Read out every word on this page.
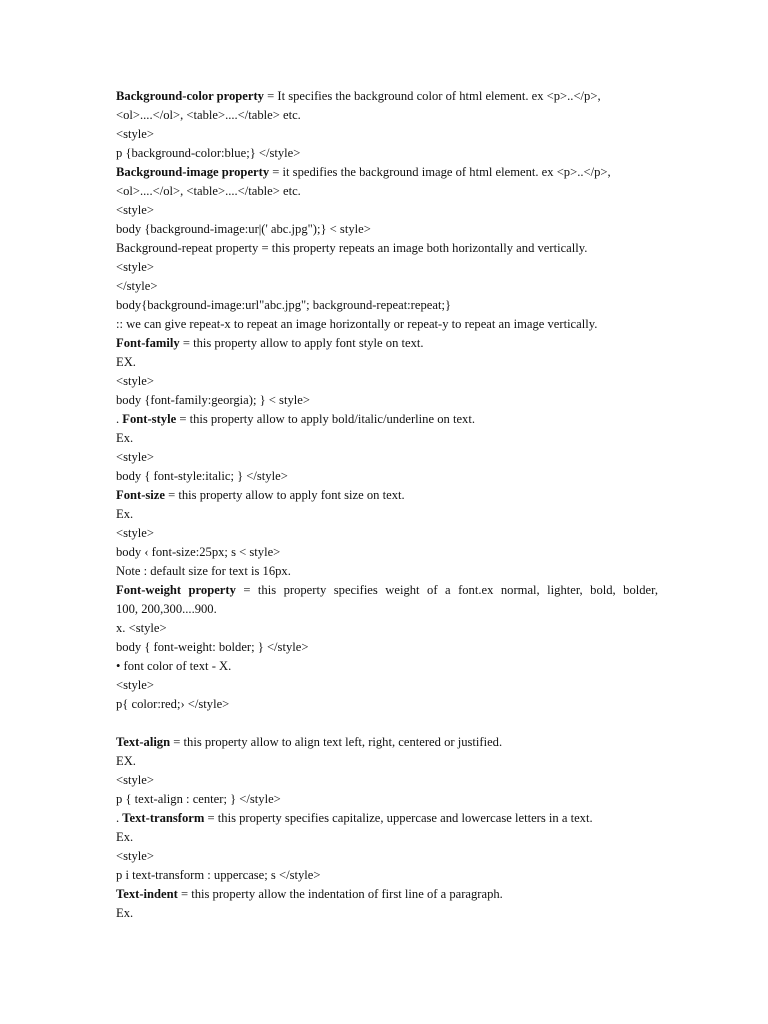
Background-color property = It specifies the background color of html element. ex <p>..</p>,
<ol>....</ol>, <table>....</table> etc.
<style>
p {background-color:blue;} </style>
Background-image property = it spedifies the background image of html element. ex <p>..</p>,
<ol>....</ol>, <table>....</table> etc.
<style>
body {background-image:ur|(' abc.jpg");} < style>
Background-repeat property = this property repeats an image both horizontally and vertically.
<style>
</style>
body{background-image:url"abc.jpg"; background-repeat:repeat;}
:: we can give repeat-x to repeat an image horizontally or repeat-y to repeat an image vertically.
Font-family = this property allow to apply font style on text.
EX.
<style>
body {font-family:georgia); } < style>
. Font-style = this property allow to apply bold/italic/underline on text.
Ex.
<style>
body { font-style:italic; } </style>
Font-size = this property allow to apply font size on text.
Ex.
<style>
body ‹ font-size:25px; s < style>
Note : default size for text is 16px.
Font-weight property = this property specifies weight of a font.ex normal, lighter, bold, bolder,
100, 200,300....900.
x. <style>
body { font-weight: bolder; } </style>
• font color of text - X.
<style>
p{ color:red;› </style>
Text-align = this property allow to align text left, right, centered or justified.
EX.
<style>
p { text-align : center; } </style>
. Text-transform = this property specifies capitalize, uppercase and lowercase letters in a text.
Ex.
<style>
p i text-transform : uppercase; s </style>
Text-indent = this property allow the indentation of first line of a paragraph.
Ex.
